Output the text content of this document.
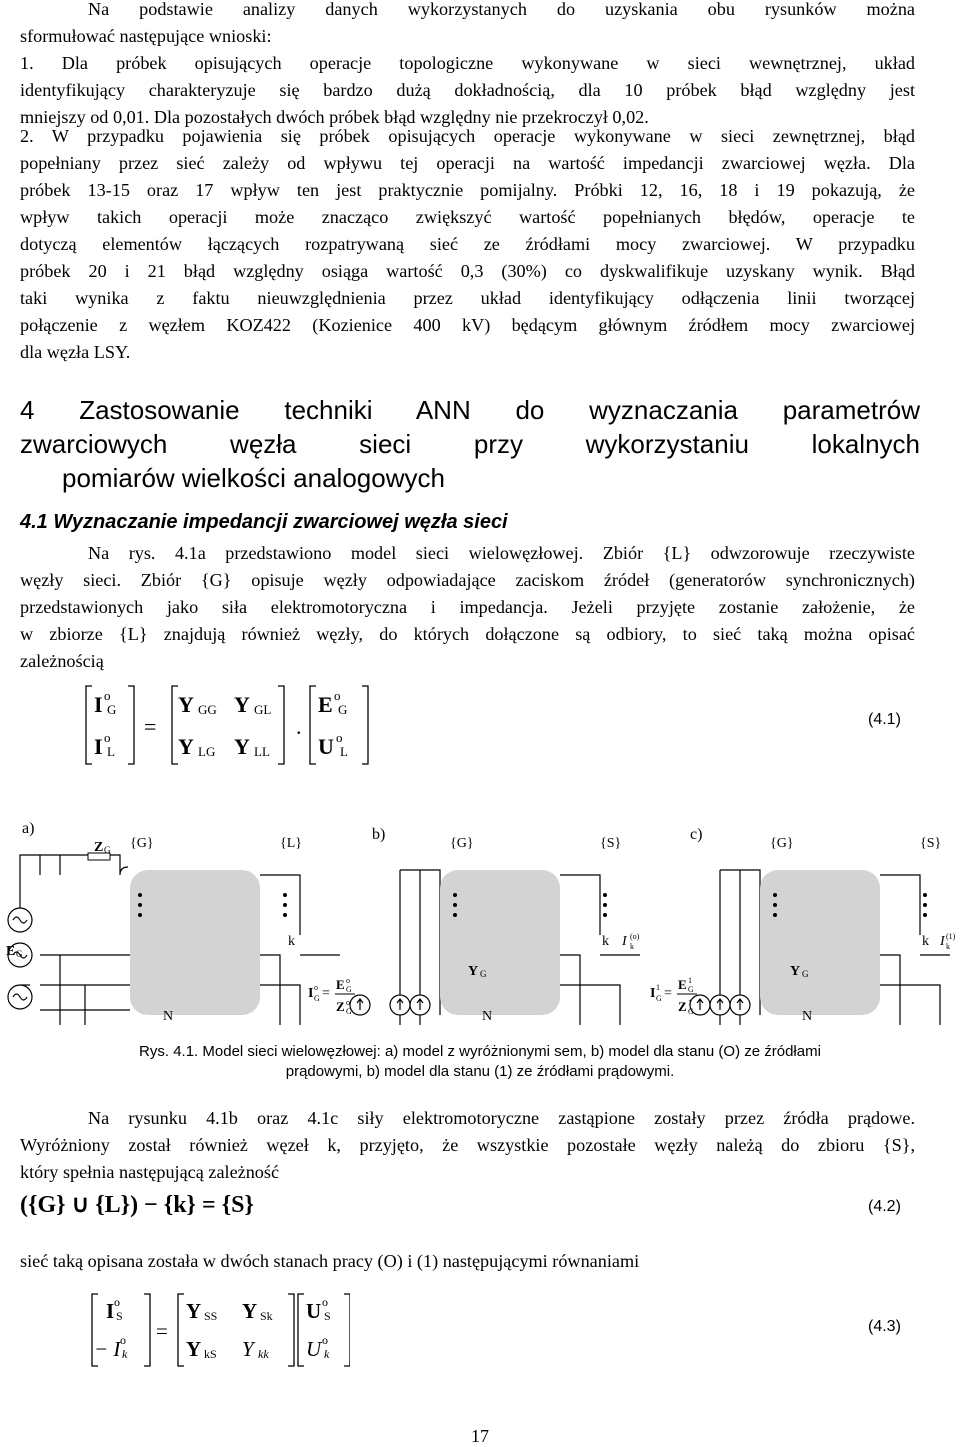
Na podstawie analizy danych wykorzystanych do uzyskania obu rysunków można
sformułować następujące wnioski:
1. Dla próbek opisujących operacje topologiczne wykonywane w sieci wewnętrznej, układ
identyfikujący charakteryzuje się bardzo dużą dokładnością, dla 10 próbek błąd względny jest
mniejszy od 0,01. Dla pozostałych dwóch próbek błąd względny nie przekroczył 0,02.
2. W przypadku pojawienia się próbek opisujących operacje wykonywane w sieci zewnętrznej, błąd
popełniany przez sieć zależy od wpływu tej operacji na wartość impedancji zwarciowej węzła. Dla
próbek 13-15 oraz 17 wpływ ten jest praktycznie pomijalny. Próbki 12, 16, 18 i 19 pokazują, że
wpływ takich operacji może znacząco zwiększyć wartość popełnianych błędów, operacje te
dotyczą elementów łączących rozpatrywaną sieć ze źródłami mocy zwarciowej. W przypadku
próbek 20 i 21 błąd względny osiąga wartość 0,3 (30%) co dyskwalifikuje uzyskany wynik. Błąd
taki wynika z faktu nieuwzględnienia przez układ identyfikujący odłączenia linii tworzącej
połączenie z węzłem KOZ422 (Kozienice 400 kV) będącym głównym źródłem mocy zwarciowej
dla węzła LSY.
4 Zastosowanie techniki ANN do wyznaczania parametrów
zwarciowych węzła sieci przy wykorzystaniu lokalnych
pomiarów wielkości analogowych
4.1 Wyznaczanie impedancji zwarciowej węzła sieci
Na rys. 4.1a przedstawiono model sieci wielowęzłowej. Zbiór {L} odwzorowuje rzeczywiste
węzły sieci. Zbiór {G} opisuje węzły odpowiadające zaciskom źródeł (generatorów synchronicznych)
przedstawionych jako siła elektromotoryczna i impedancja. Jeżeli przyjęte zostanie założenie, że
w zbiorze {L} znajdują również węzły, do których dołączone są odbiory, to sieć taką można opisać
zależnością
I o
G
I o
L
=
Y GG Y GL
Y LG Y LL
.
E o
G
U o
L
(4.1)
a)
Z G {G}	{L}
E G
k
N
b)
{G}	{S}
k I (o)
k
Y G
N
I G
o =
E G
o
Z G
o
c)
{G}	{S}
k I (1)
k
Y G
N
I G
1 =
E G
1
Z G
1
Rys. 4.1. Model sieci wielowęzłowej: a) model z wyróżnionymi sem, b) model dla stanu (O) ze źródłami
prądowymi, b) model dla stanu (1) ze źródłami prądowymi.
Na rysunku 4.1b oraz 4.1c siły elektromotoryczne zastąpione zostały przez źródła prądowe.
Wyróżniony został również węzeł k, przyjęto, że wszystkie pozostałe węzły należą do zbioru {S},
który spełnia następującą zależność
({G} ∪ {L}) − {k} = {S}	(4.2)
sieć taką opisana została w dwóch stanach pracy (O) i (1) następującymi równaniami
I o
S
− I o
k
=
Y SS Y Sk
Y kS Y kk
U o
S
U o
k
(4.3)
17
